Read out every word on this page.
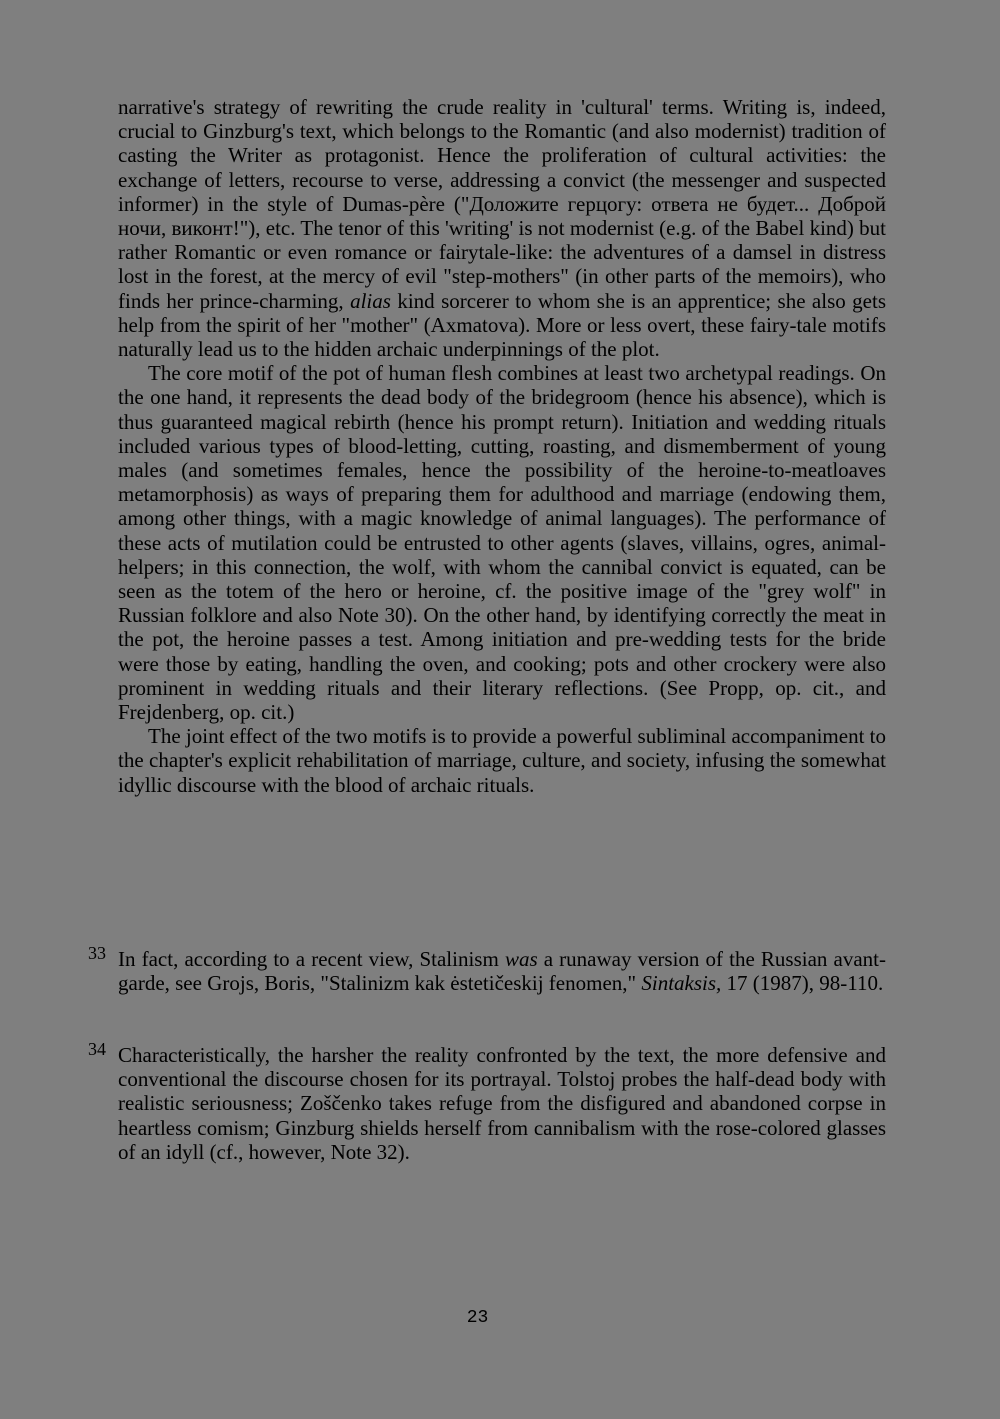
narrative's strategy of rewriting the crude reality in 'cultural' terms. Writing is, indeed, crucial to Ginzburg's text, which belongs to the Romantic (and also modernist) tradition of casting the Writer as protagonist. Hence the proliferation of cultural activities: the exchange of letters, recourse to verse, addressing a convict (the messenger and suspected informer) in the style of Dumas-père ("Доложите герцогу: ответа не будет... Доброй ночи, виконт!"), etc. The tenor of this 'writing' is not modernist (e.g. of the Babel kind) but rather Romantic or even romance or fairytale-like: the adventures of a damsel in distress lost in the forest, at the mercy of evil "step-mothers" (in other parts of the memoirs), who finds her prince-charming, alias kind sorcerer to whom she is an apprentice; she also gets help from the spirit of her "mother" (Axmatova). More or less overt, these fairy-tale motifs naturally lead us to the hidden archaic underpinnings of the plot.

The core motif of the pot of human flesh combines at least two archetypal readings. On the one hand, it represents the dead body of the bridegroom (hence his absence), which is thus guaranteed magical rebirth (hence his prompt return). Initiation and wedding rituals included various types of blood-letting, cutting, roasting, and dismemberment of young males (and sometimes females, hence the possibility of the heroine-to-meatloaves metamorphosis) as ways of preparing them for adulthood and marriage (endowing them, among other things, with a magic knowledge of animal languages). The performance of these acts of mutilation could be entrusted to other agents (slaves, villains, ogres, animal-helpers; in this connection, the wolf, with whom the cannibal convict is equated, can be seen as the totem of the hero or heroine, cf. the positive image of the "grey wolf" in Russian folklore and also Note 30). On the other hand, by identifying correctly the meat in the pot, the heroine passes a test. Among initiation and pre-wedding tests for the bride were those by eating, handling the oven, and cooking; pots and other crockery were also prominent in wedding rituals and their literary reflections. (See Propp, op. cit., and Frejdenberg, op. cit.)

The joint effect of the two motifs is to provide a powerful subliminal accompaniment to the chapter's explicit rehabilitation of marriage, culture, and society, infusing the somewhat idyllic discourse with the blood of archaic rituals.

33 In fact, according to a recent view, Stalinism was a runaway version of the Russian avant-garde, see Grojs, Boris, "Stalinizm kak ėstetičeskij fenomen," Sintaksis, 17 (1987), 98-110.
34 Characteristically, the harsher the reality confronted by the text, the more defensive and conventional the discourse chosen for its portrayal. Tolstoj probes the half-dead body with realistic seriousness; Zoščenko takes refuge from the disfigured and abandoned corpse in heartless comism; Ginzburg shields herself from cannibalism with the rose-colored glasses of an idyll (cf., however, Note 32).
23
